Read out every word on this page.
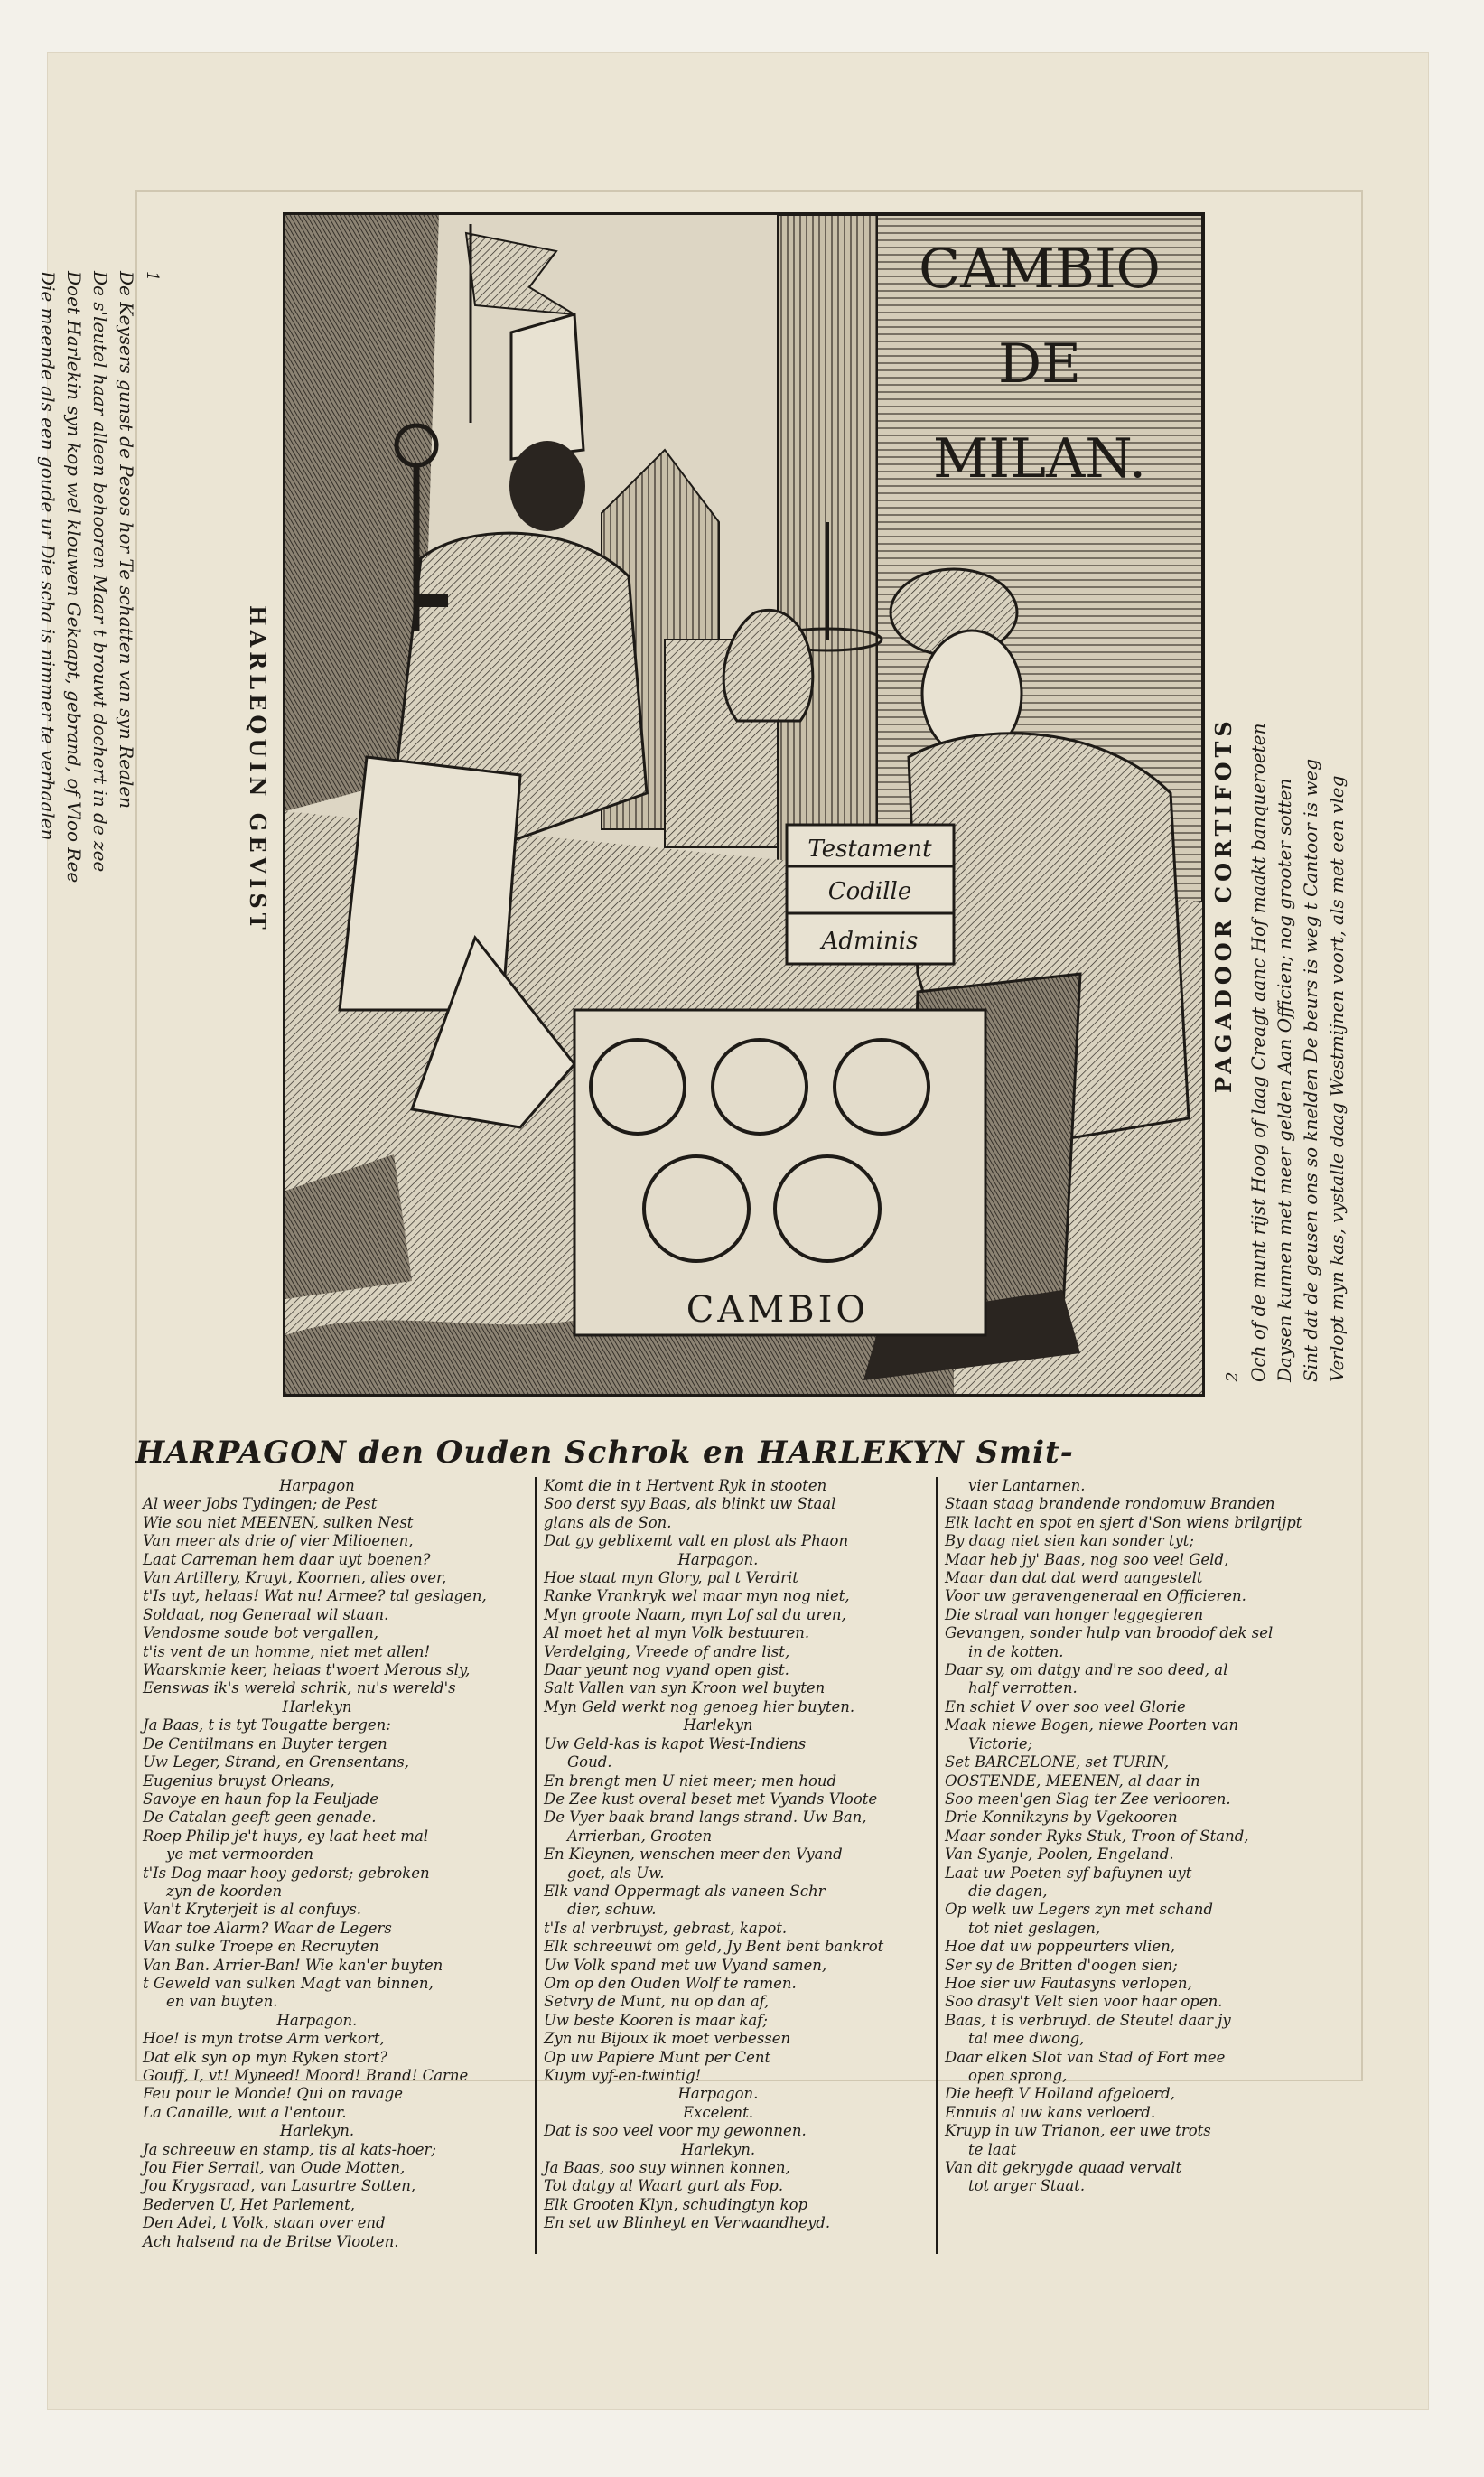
CAMBIO
DE
MILAN.
Testament
Codille
Adminis
CAMBIO
1
De Keysers gunst de Pesos hor Te schatten van syn Realen
De s'leutel haar alleen behooren Maar t brouwt dochert in de zee
Doet Harlekin syn kop wel klouwen Gekaapt, gebrand, of Vloo Ree
Die meende als een goude ur Die scha is nimmer te verhaalen	HARLEQUIN GEVIST
2 Och of de munt rijst Hoog of laag Creagt aanc Hof maakt banqueroeten Daysen kunnen met meer gelden Aan Officien; nog grooter sotten Sint dat de geusen ons so knelden De beurs is weg t Cantoor is weg Verlopt myn kas, vystalle daag Westmijnen voort, als met een vleg
PAGADOOR CORTIFOTS
HARPAGON den Ouden Schrok en HARLEKYN Smit-
Harpagon
Al weer Jobs Tydingen; de Pest
Wie sou niet MEENEN, sulken Nest
Van meer als drie of vier Milioenen,
Laat Carreman hem daar uyt boenen?
Van Artillery, Kruyt, Koornen, alles over,
t'Is uyt, helaas! Wat nu! Armee? tal geslagen,
Soldaat, nog Generaal wil staan.
Vendosme soude bot vergallen,
t'is vent de un homme, niet met allen!
Waarskmie keer, helaas t'woert Merous sly,
Eenswas ik's wereld schrik, nu's wereld's
Harlekyn
Ja Baas, t is tyt Tougatte bergen:
De Centilmans en Buyter tergen
Uw Leger, Strand, en Grensentans,
Eugenius bruyst Orleans,
Savoye en haun fop la Feuljade
De Catalan geeft geen genade.
Roep Philip je't huys, ey laat heet mal
ye met vermoorden
t'Is Dog maar hooy gedorst; gebroken
zyn de koorden
Van't Kryterjeit is al confuys.
Waar toe Alarm? Waar de Legers
Van sulke Troepe en Recruyten
Van Ban. Arrier-Ban! Wie kan'er buyten
t Geweld van sulken Magt van binnen,
en van buyten.
Harpagon.
Hoe! is myn trotse Arm verkort,
Dat elk syn op myn Ryken stort?
Gouff, I, vt! Myneed! Moord! Brand! Carne
Feu pour le Monde! Qui on ravage
La Canaille, wut a l'entour.
Harlekyn.
Ja schreeuw en stamp, tis al kats-hoer;
Jou Fier Serrail, van Oude Motten,
Jou Krygsraad, van Lasurtre Sotten,
Bederven U, Het Parlement,
Den Adel, t Volk, staan over end
Ach halsend na de Britse Vlooten.
Komt die in t Hertvent Ryk in stooten
Soo derst syy Baas, als blinkt uw Staal
glans als de Son.
Dat gy geblixemt valt en plost als Phaon
Harpagon.
Hoe staat myn Glory, pal t Verdrit
Ranke Vrankryk wel maar myn nog niet,
Myn groote Naam, myn Lof sal du uren,
Al moet het al myn Volk bestuuren.
Verdelging, Vreede of andre list,
Daar yeunt nog vyand open gist.
Salt Vallen van syn Kroon wel buyten
Myn Geld werkt nog genoeg hier buyten.
Harlekyn
Uw Geld-kas is kapot West-Indiens
Goud.
En brengt men U niet meer; men houd
De Zee kust overal beset met Vyands Vloote
De Vyer baak brand langs strand. Uw Ban,
Arrierban, Grooten
En Kleynen, wenschen meer den Vyand
goet, als Uw.
Elk vand Oppermagt als vaneen Schr
dier, schuw.
t'Is al verbruyst, gebrast, kapot.
Elk schreeuwt om geld, Jy Bent bent bankrot
Uw Volk spand met uw Vyand samen,
Om op den Ouden Wolf te ramen.
Setvry de Munt, nu op dan af,
Uw beste Kooren is maar kaf;
Zyn nu Bijoux ik moet verbessen
Op uw Papiere Munt per Cent
Kuym vyf-en-twintig!
Harpagon.
Excelent.
Dat is soo veel voor my gewonnen.
Harlekyn.
Ja Baas, soo suy winnen konnen,
Tot datgy al Waart gurt als Fop.
Elk Grooten Klyn, schudingtyn kop
En set uw Blinheyt en Verwaandheyd.
vier Lantarnen.
Staan staag brandende rondomuw Branden
Elk lacht en spot en sjert d'Son wiens brilgrijpt
By daag niet sien kan sonder tyt;
Maar heb jy' Baas, nog soo veel Geld,
Maar dan dat dat werd aangestelt
Voor uw geravengeneraal en Officieren.
Die straal van honger leggegieren
Gevangen, sonder hulp van broodof dek sel
in de kotten.
Daar sy, om datgy and're soo deed, al
half verrotten.
En schiet V over soo veel Glorie
Maak niewe Bogen, niewe Poorten van
Victorie;
Set BARCELONE, set TURIN,
OOSTENDE, MEENEN, al daar in
Soo meen'gen Slag ter Zee verlooren.
Drie Konnikzyns by Vgekooren
Maar sonder Ryks Stuk, Troon of Stand,
Van Syanje, Poolen, Engeland.
Laat uw Poeten syf bafuynen uyt
die dagen,
Op welk uw Legers zyn met schand
tot niet geslagen,
Hoe dat uw poppeurters vlien,
Ser sy de Britten d'oogen sien;
Hoe sier uw Fautasyns verlopen,
Soo drasy't Velt sien voor haar open.
Baas, t is verbruyd. de Steutel daar jy
tal mee dwong,
Daar elken Slot van Stad of Fort mee
open sprong,
Die heeft V Holland afgeloerd,
Ennuis al uw kans verloerd.
Kruyp in uw Trianon, eer uwe trots
te laat
Van dit gekrygde quaad vervalt
tot arger Staat.
